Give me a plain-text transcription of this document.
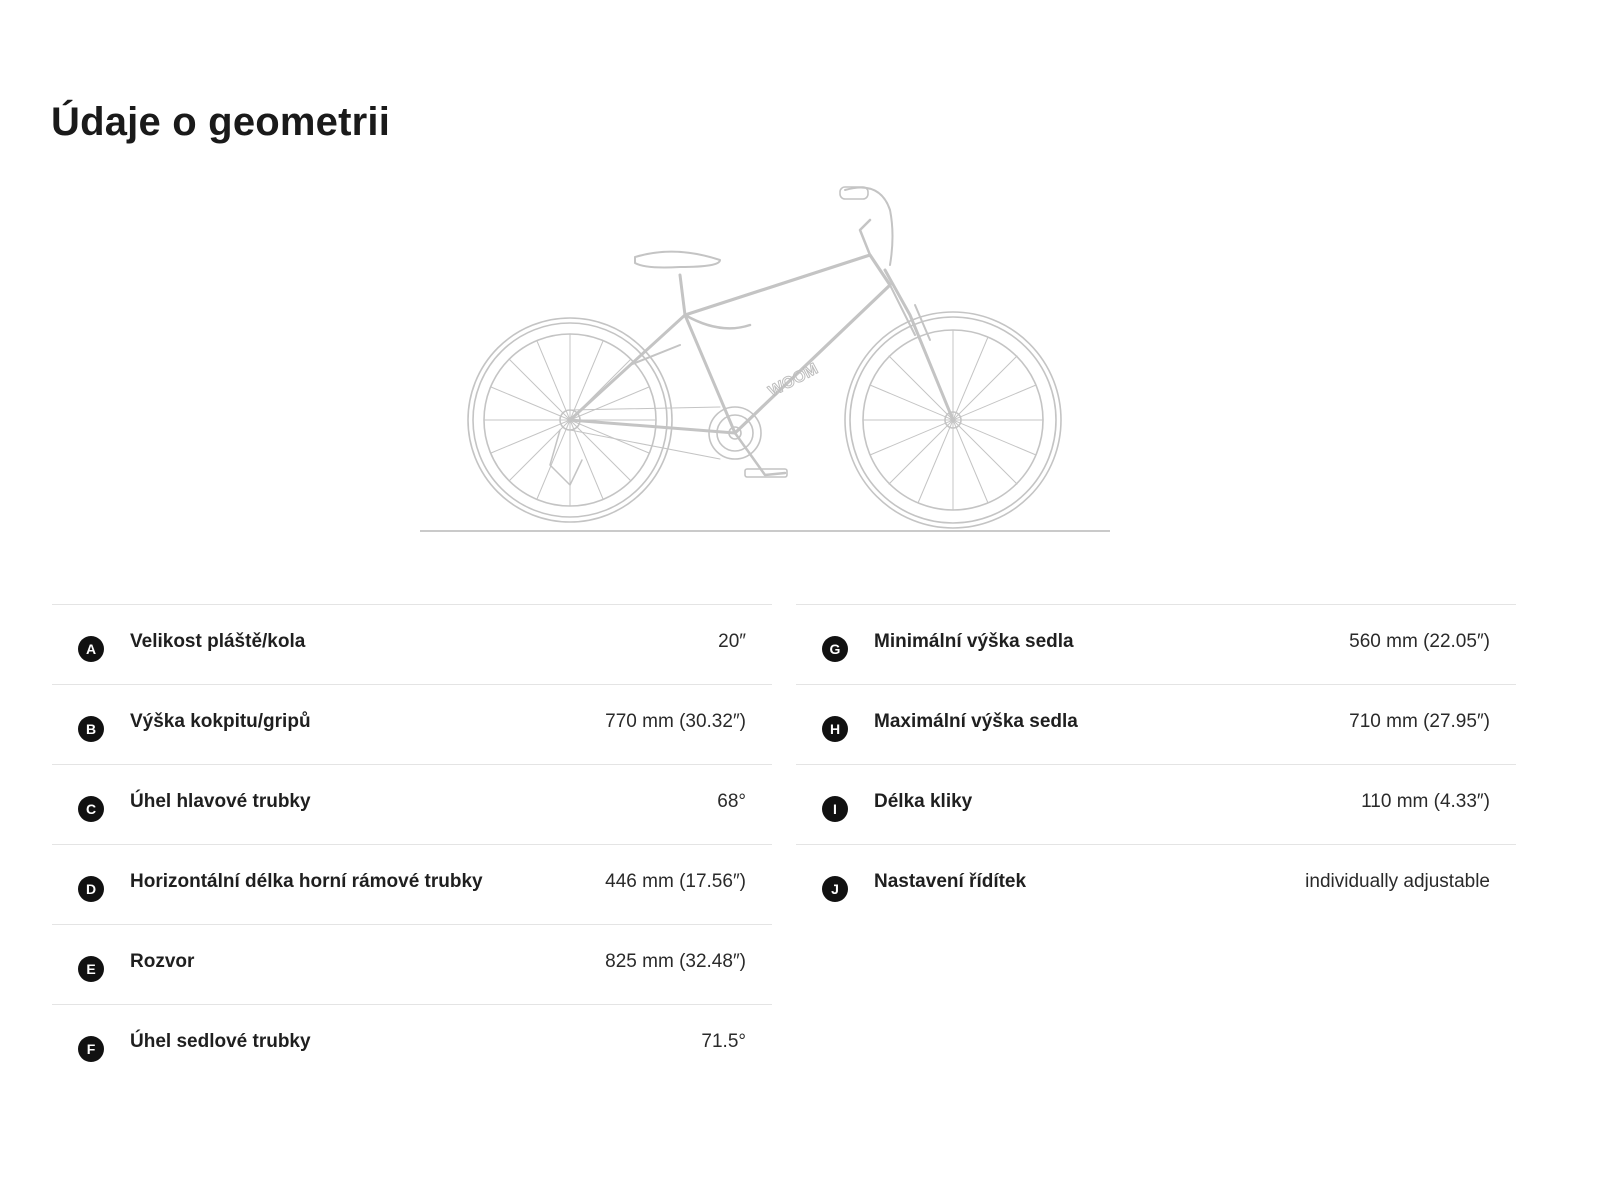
Údaje o geometrii
WOOM
A	Velikost pláště/kola	20″
B	Výška kokpitu/gripů	770 mm (30.32″)
C	Úhel hlavové trubky	68°
D	Horizontální délka horní rámové trubky	446 mm (17.56″)
E	Rozvor	825 mm (32.48″)
F	Úhel sedlové trubky	71.5°
G	Minimální výška sedla	560 mm (22.05″)
H	Maximální výška sedla	710 mm (27.95″)
I	Délka kliky	110 mm (4.33″)
J	Nastavení řídítek	individually adjustable
